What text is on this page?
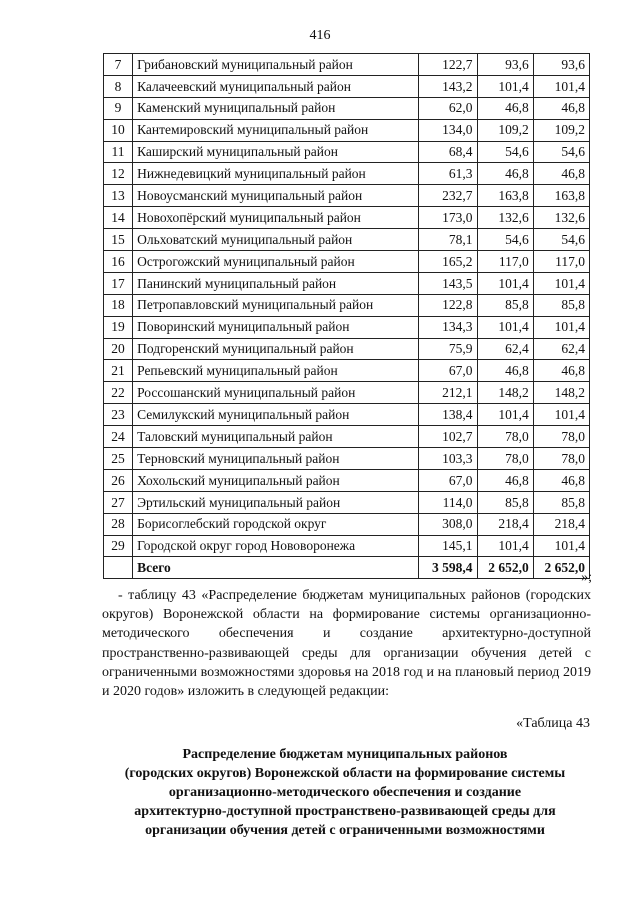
416
7	Грибановский муниципальный район	122,7	93,6	93,6
8	Калачеевский муниципальный район	143,2	101,4	101,4
9	Каменский муниципальный район	62,0	46,8	46,8
10	Кантемировский муниципальный район	134,0	109,2	109,2
11	Каширский муниципальный район	68,4	54,6	54,6
12	Нижнедевицкий муниципальный район	61,3	46,8	46,8
13	Новоусманский муниципальный район	232,7	163,8	163,8
14	Новохопёрский муниципальный район	173,0	132,6	132,6
15	Ольховатский муниципальный район	78,1	54,6	54,6
16	Острогожский муниципальный район	165,2	117,0	117,0
17	Панинский муниципальный район	143,5	101,4	101,4
18	Петропавловский муниципальный район	122,8	85,8	85,8
19	Поворинский муниципальный район	134,3	101,4	101,4
20	Подгоренский муниципальный район	75,9	62,4	62,4
21	Репьевский муниципальный район	67,0	46,8	46,8
22	Россошанский муниципальный район	212,1	148,2	148,2
23	Семилукский муниципальный район	138,4	101,4	101,4
24	Таловский муниципальный район	102,7	78,0	78,0
25	Терновский муниципальный район	103,3	78,0	78,0
26	Хохольский муниципальный район	67,0	46,8	46,8
27	Эртильский муниципальный район	114,0	85,8	85,8
28	Борисоглебский городской округ	308,0	218,4	218,4
29	Городской округ город Нововоронежа	145,1	101,4	101,4
	Всего	3 598,4	2 652,0	2 652,0
»;
- таблицу 43 «Распределение бюджетам муниципальных районов (городских округов) Воронежской области на формирование системы организационно-методического обеспечения и создание архитектурно-доступной пространственно-развивающей среды для организации обучения детей с ограниченными возможностями здоровья на 2018 год и на плановый период 2019 и 2020 годов» изложить в следующей редакции:
«Таблица 43
Распределение бюджетам муниципальных районов
(городских округов) Воронежской области на формирование системы
организационно-методического обеспечения и создание
архитектурно-доступной пространствено-развивающей среды для
организации обучения детей с ограниченными возможностями
